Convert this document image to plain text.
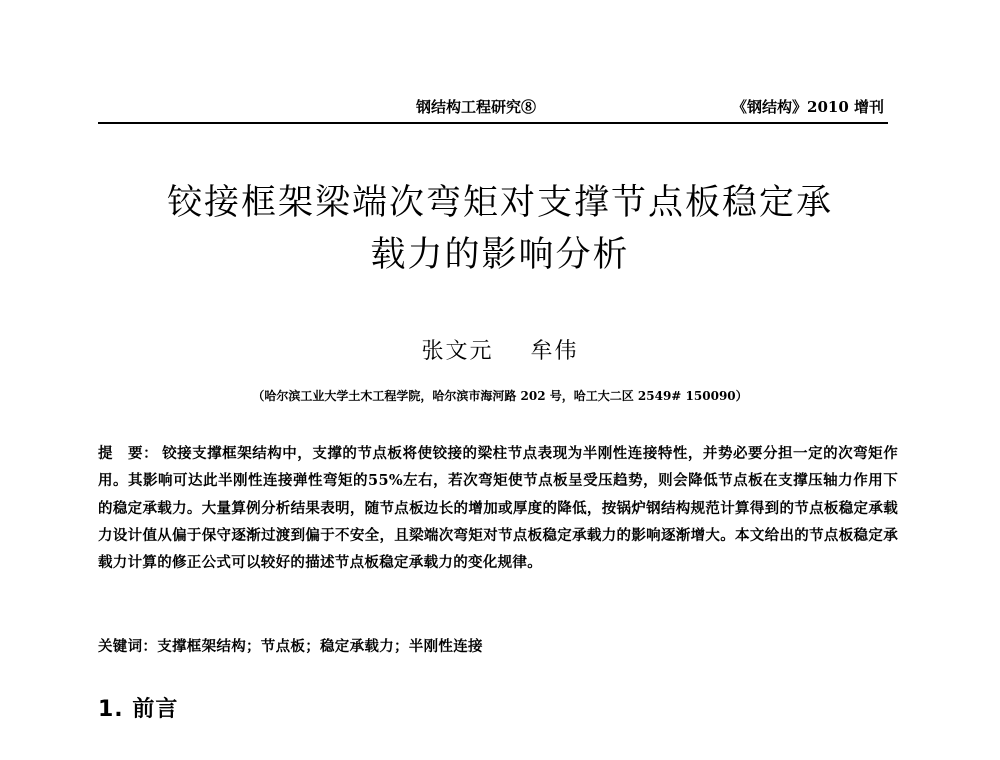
钢结构工程研究⑧	《钢结构》2010 增刊
铰接框架梁端次弯矩对支撑节点板稳定承
载力的影响分析
张文元 牟伟
（哈尔滨工业大学土木工程学院，哈尔滨市海河路 202 号，哈工大二区 2549# 150090）
提　要： 铰接支撑框架结构中，支撑的节点板将使铰接的梁柱节点表现为半刚性连接特性，并势必要分担一定的次弯矩作用。其影响可达此半刚性连接弹性弯矩的55%左右，若次弯矩使节点板呈受压趋势，则会降低节点板在支撑压轴力作用下的稳定承载力。大量算例分析结果表明，随节点板边长的增加或厚度的降低，按锅炉钢结构规范计算得到的节点板稳定承载力设计值从偏于保守逐渐过渡到偏于不安全，且梁端次弯矩对节点板稳定承载力的影响逐渐增大。本文给出的节点板稳定承载力计算的修正公式可以较好的描述节点板稳定承载力的变化规律。
关键词：支撑框架结构；节点板；稳定承载力；半刚性连接
1. 前言
